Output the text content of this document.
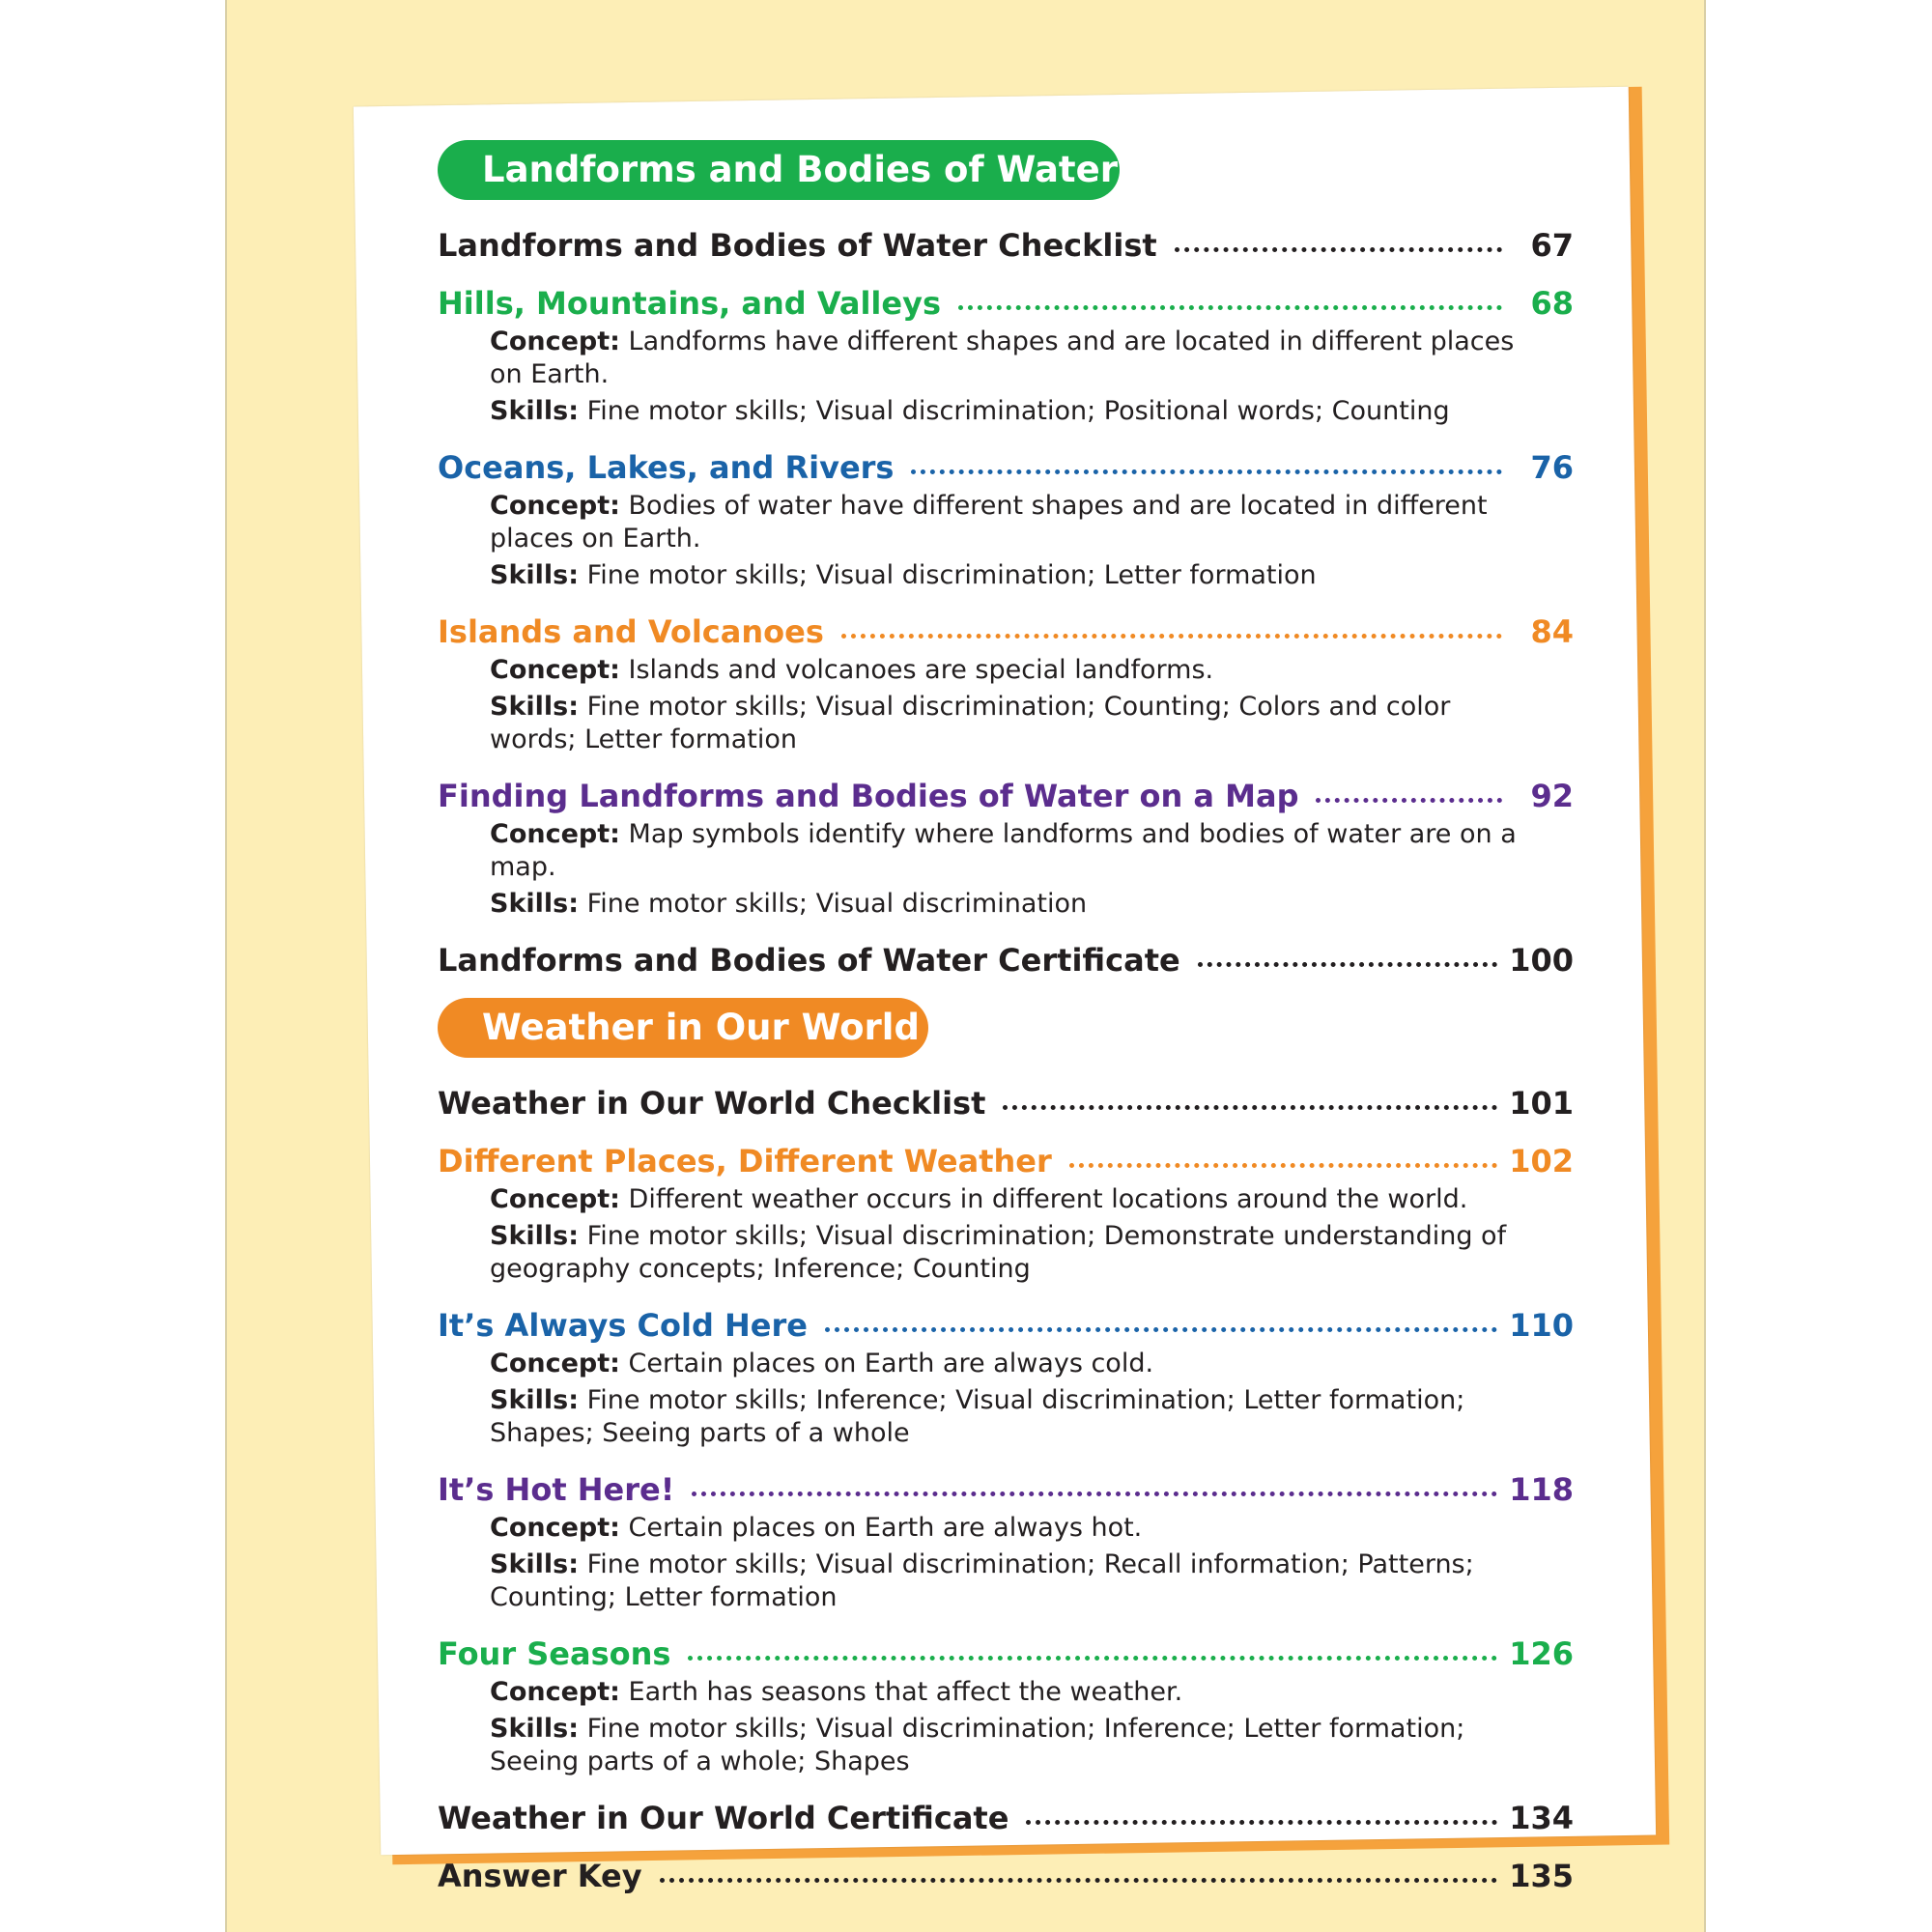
Landforms and Bodies of Water
Landforms and Bodies of Water Checklist	67
Hills, Mountains, and Valleys	68

Concept: Landforms have different shapes and are located in different places on Earth.

Skills: Fine motor skills; Visual discrimination; Positional words; Counting

Oceans, Lakes, and Rivers	76

Concept: Bodies of water have different shapes and are located in different places on Earth.

Skills: Fine motor skills; Visual discrimination; Letter formation

Islands and Volcanoes	84

Concept: Islands and volcanoes are special landforms.

Skills: Fine motor skills; Visual discrimination; Counting; Colors and color words; Letter formation

Finding Landforms and Bodies of Water on a Map	92

Concept: Map symbols identify where landforms and bodies of water are on a map.

Skills: Fine motor skills; Visual discrimination

Landforms and Bodies of Water Certificate	100
Weather in Our World
Weather in Our World Checklist	101
Different Places, Different Weather	102

Concept: Different weather occurs in different locations around the world.

Skills: Fine motor skills; Visual discrimination; Demonstrate understanding of geography concepts; Inference; Counting

It’s Always Cold Here	110

Concept: Certain places on Earth are always cold.

Skills: Fine motor skills; Inference; Visual discrimination; Letter formation; Shapes; Seeing parts of a whole

It’s Hot Here!	118

Concept: Certain places on Earth are always hot.

Skills: Fine motor skills; Visual discrimination; Recall information; Patterns; Counting; Letter formation

Four Seasons	126

Concept: Earth has seasons that affect the weather.

Skills: Fine motor skills; Visual discrimination; Inference; Letter formation; Seeing parts of a whole; Shapes

Weather in Our World Certificate	134
Answer Key	135
